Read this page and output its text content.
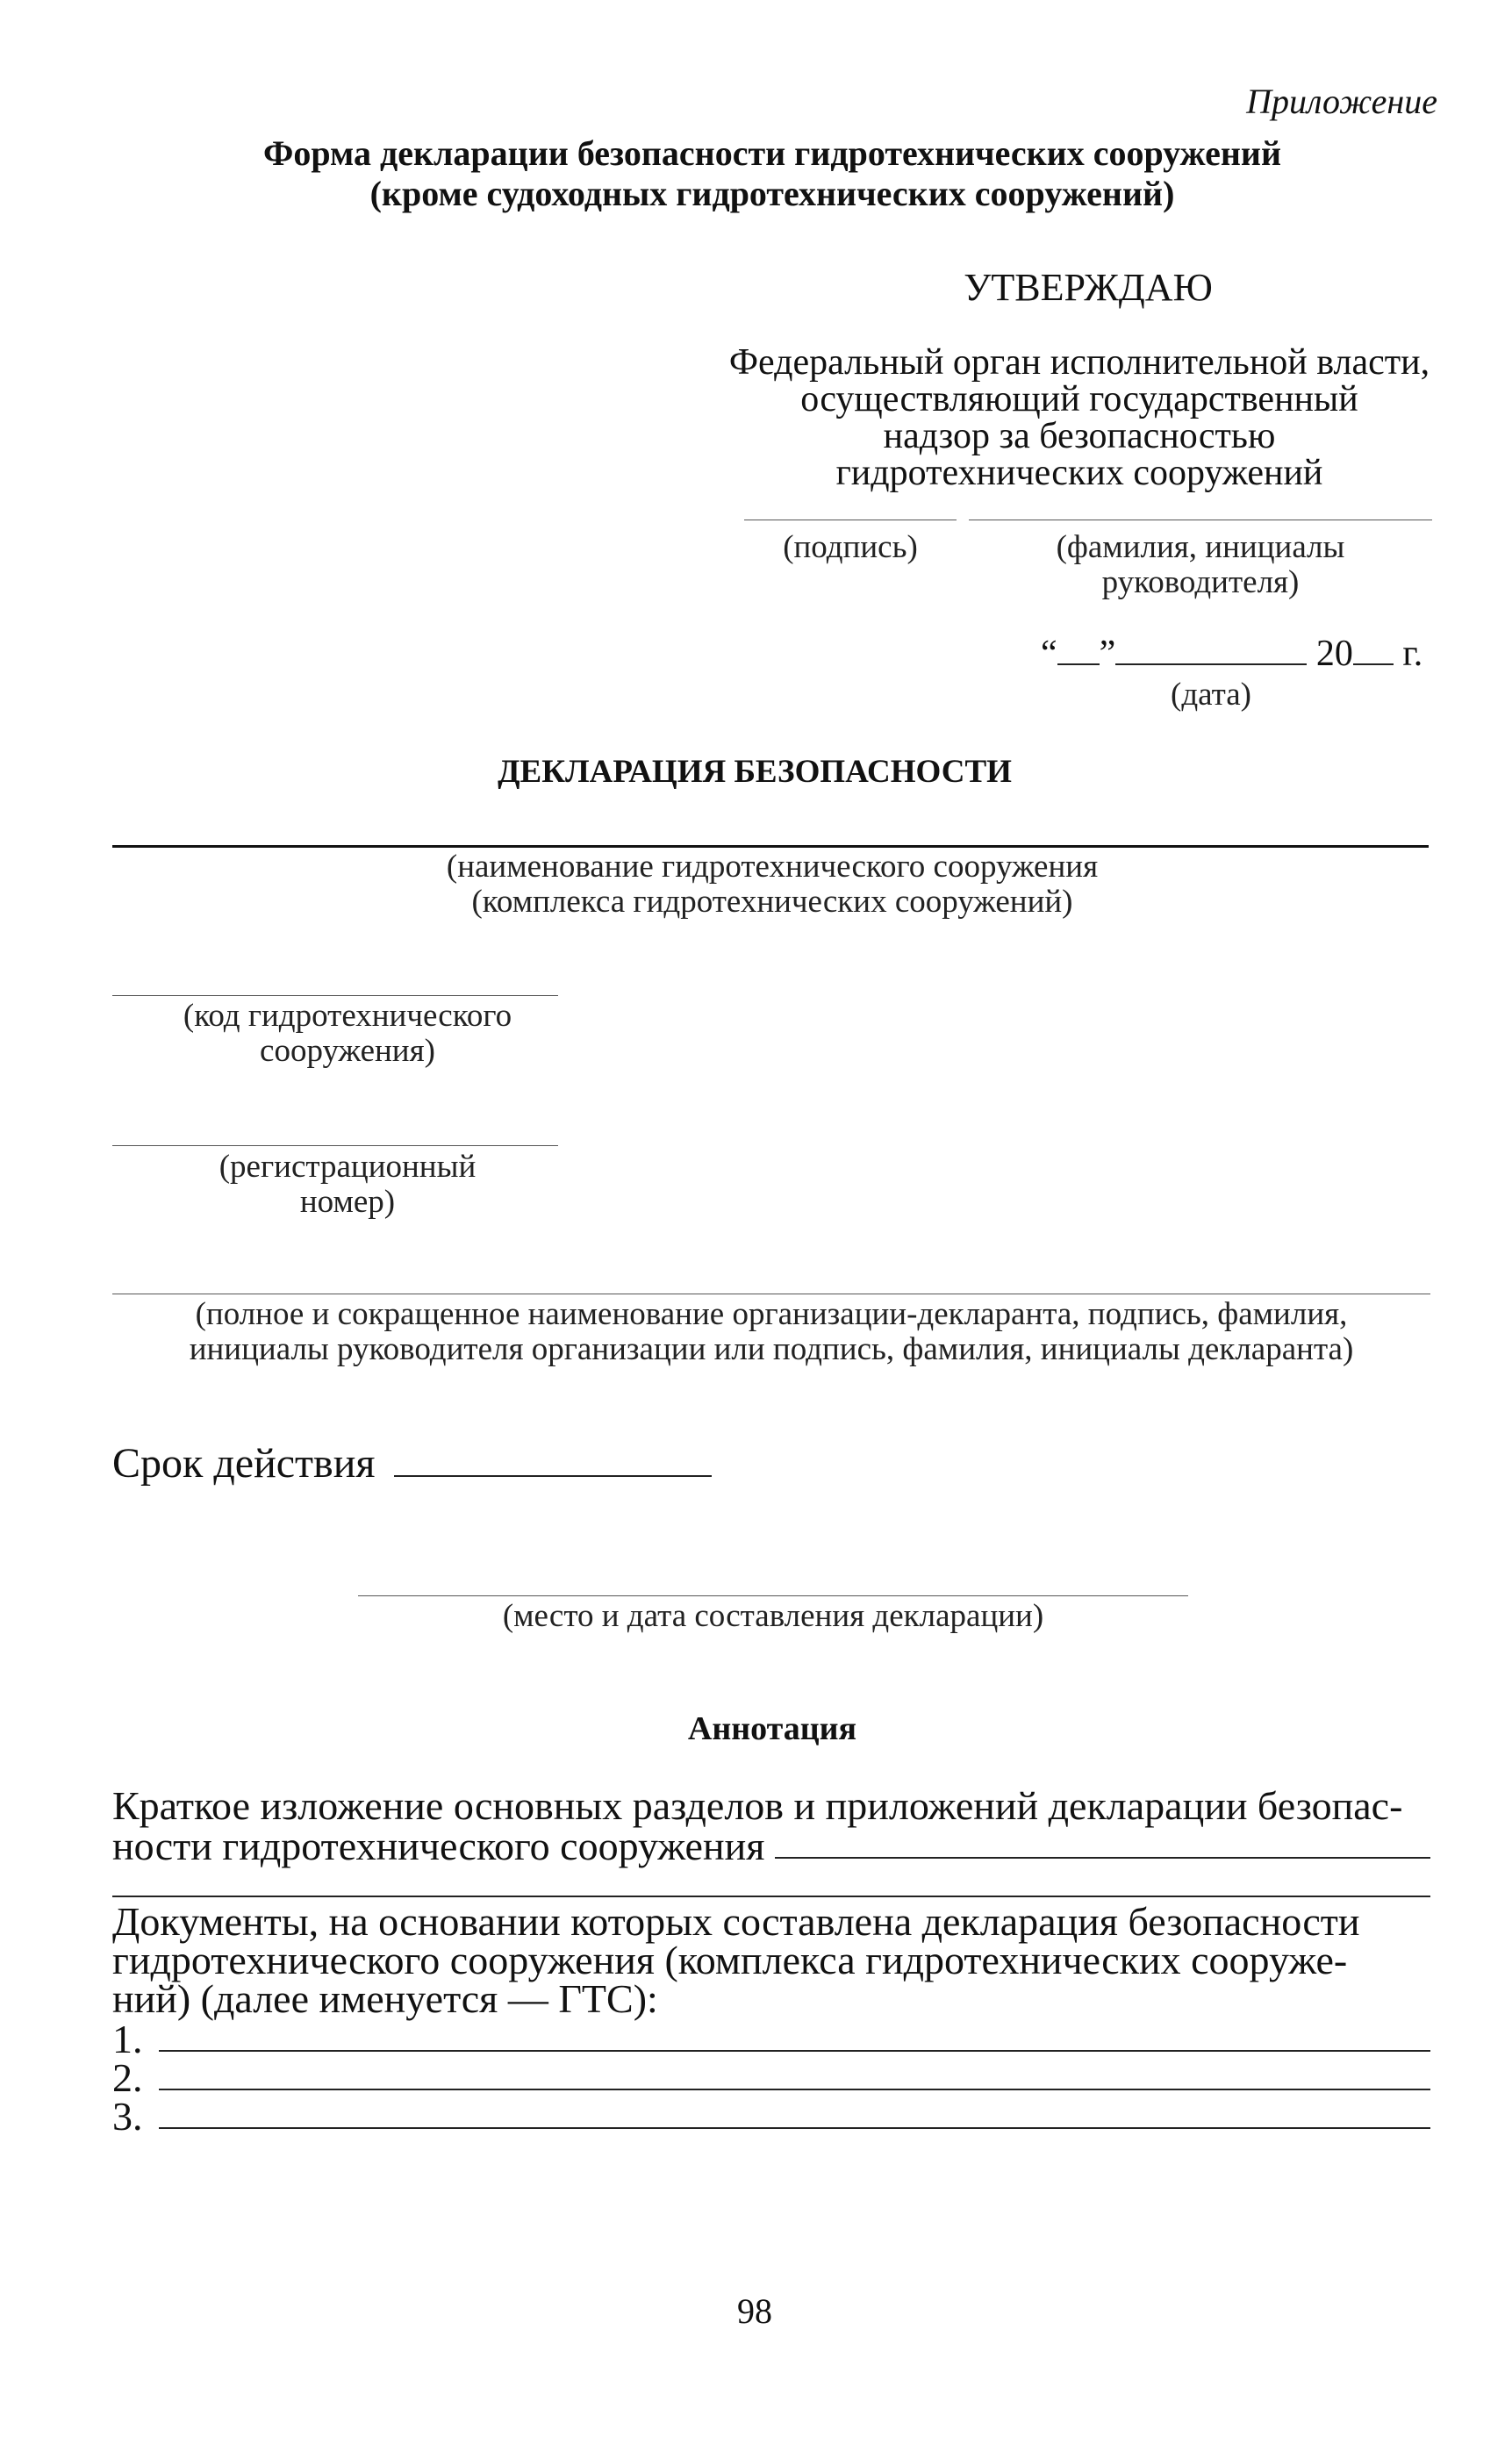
Приложение
Форма декларации безопасности гидротехнических сооружений
(кроме судоходных гидротехнических сооружений)
УТВЕРЖДАЮ
Федеральный орган исполнительной власти,
осуществляющий государственный
надзор за безопасностью
гидротехнических сооружений
(подпись)	(фамилия, инициалы
руководителя)
“ ”	20 г.
(дата)
ДЕКЛАРАЦИЯ БЕЗОПАСНОСТИ
(наименование гидротехнического сооружения
(комплекса гидротехнических сооружений)
(код гидротехнического
сооружения)
(регистрационный
номер)
(полное и сокращенное наименование организации-декларанта, подпись, фамилия,
инициалы руководителя организации или подпись, фамилия, инициалы декларанта)
Срок действия
(место и дата составления декларации)
Аннотация
Краткое изложение основных разделов и приложений декларации безопас-
ности гидротехнического сооружения
Документы, на основании которых составлена декларация безопасности
гидротехнического сооружения (комплекса гидротехнических сооруже-
ний) (далее именуется — ГТС):
1.
2.
3.
98
